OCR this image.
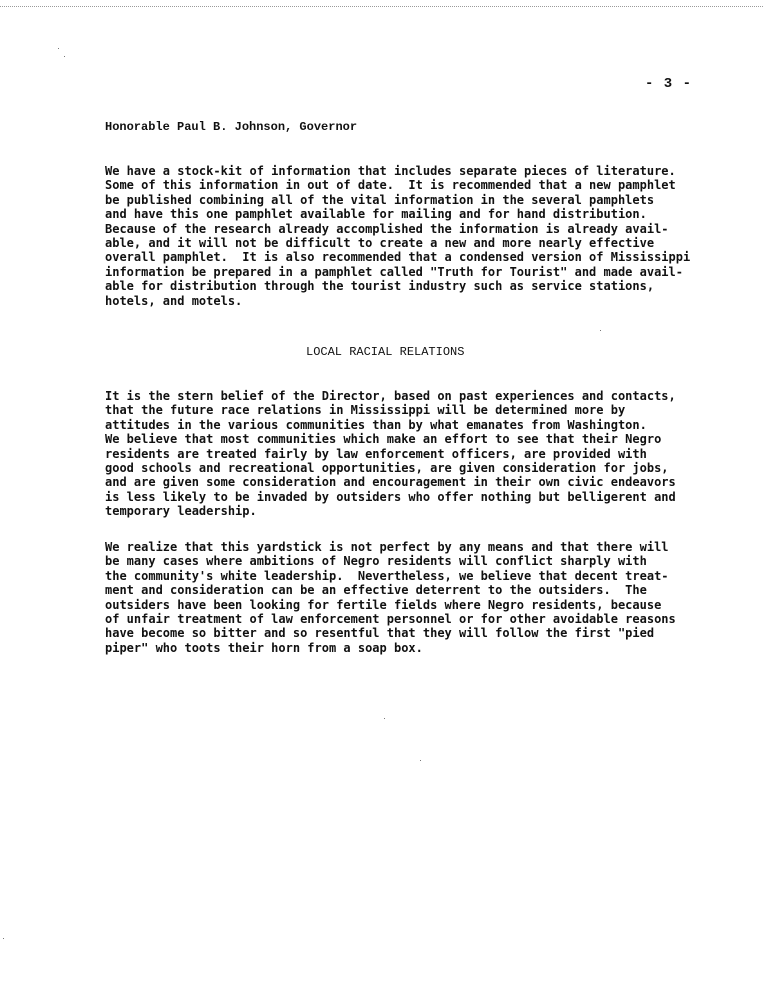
- 3 -
Honorable Paul B. Johnson, Governor
We have a stock-kit of information that includes separate pieces of literature.
Some of this information in out of date.  It is recommended that a new pamphlet
be published combining all of the vital information in the several pamphlets
and have this one pamphlet available for mailing and for hand distribution.
Because of the research already accomplished the information is already avail-
able, and it will not be difficult to create a new and more nearly effective
overall pamphlet.  It is also recommended that a condensed version of Mississippi
information be prepared in a pamphlet called "Truth for Tourist" and made avail-
able for distribution through the tourist industry such as service stations,
hotels, and motels.
LOCAL RACIAL RELATIONS
It is the stern belief of the Director, based on past experiences and contacts,
that the future race relations in Mississippi will be determined more by
attitudes in the various communities than by what emanates from Washington.
We believe that most communities which make an effort to see that their Negro
residents are treated fairly by law enforcement officers, are provided with
good schools and recreational opportunities, are given consideration for jobs,
and are given some consideration and encouragement in their own civic endeavors
is less likely to be invaded by outsiders who offer nothing but belligerent and
temporary leadership.
We realize that this yardstick is not perfect by any means and that there will
be many cases where ambitions of Negro residents will conflict sharply with
the community's white leadership.  Nevertheless, we believe that decent treat-
ment and consideration can be an effective deterrent to the outsiders.  The
outsiders have been looking for fertile fields where Negro residents, because
of unfair treatment of law enforcement personnel or for other avoidable reasons
have become so bitter and so resentful that they will follow the first "pied
piper" who toots their horn from a soap box.
